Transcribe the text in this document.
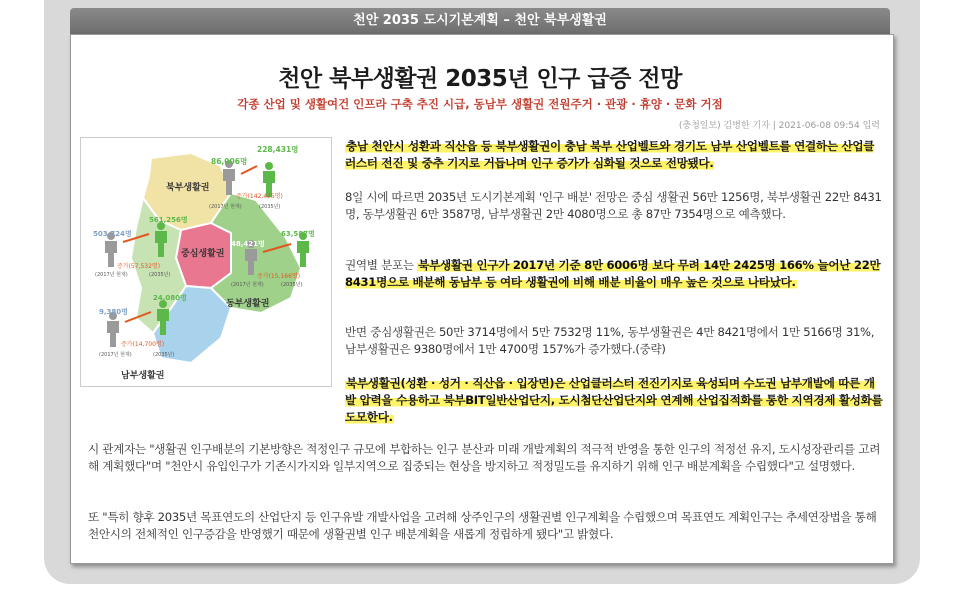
천안 2035 도시기본계획 – 천안 북부생활권
천안 북부생활권 2035년 인구 급증 전망
각종 산업 및 생활여건 인프라 구축 추진 시급, 동남부 생활권 전원주거 · 관광 · 휴양 · 문화 거점
(충청일보) 김병한 기자 | 2021-06-08 09:54 입력
북부생활권
중심생활권
동부생활권
남부생활권
86,006명
228,431명
증가(142,425명)
(2017년 현재)	(2035년)
503,724명
561,256명
증가(57,532명)
(2017년 현재)	(2035년)
48,421명
63,587명
증가(15,166명)
(2017년 현재)	(2035년)
9,380명
24,080명
증가(14,700명)
(2017년 현재)	(2035년)

충남 천안시 성환과 직산읍 등 북부생활권이 충남 북부 산업벨트와 경기도 남부 산업벨트를 연결하는 산업클러스터 전진 및 중추 기지로 거듭나며 인구 증가가 심화될 것으로 전망됐다.

8일 시에 따르면 2035년 도시기본계획 '인구 배분' 전망은 중심 생활권 56만 1256명, 북부생활권 22만 8431명, 동부생활권 6만 3587명, 남부생활권 2만 4080명으로 총 87만 7354명으로 예측했다.

권역별 분포는 북부생활권 인구가 2017년 기준 8만 6006명 보다 무려 14만 2425명 166% 늘어난 22만 8431명으로 배분해 동남부 등 여타 생활권에 비해 배분 비율이 매우 높은 것으로 나타났다.

반면 중심생활권은 50만 3714명에서 5만 7532명 11%, 동부생활권은 4만 8421명에서 1만 5166명 31%, 남부생활권은 9380명에서 1만 4700명 157%가 증가했다.(중략)

북부생활권(성환 · 성거 · 직산읍 · 입장면)은 산업클러스터 전진기지로 육성되며 수도권 남부개발에 따른 개발 압력을 수용하고 북부BIT일반산업단지, 도시첨단산업단지와 연계해 산업집적화를 통한 지역경제 활성화를 도모한다.

시 관계자는 "생활권 인구배분의 기본방향은 적정인구 규모에 부합하는 인구 분산과 미래 개발계획의 적극적 반영을 통한 인구의 적정선 유지, 도시성장관리를 고려해 계획했다"며 "천안시 유입인구가 기존시가지와 일부지역으로 집중되는 현상을 방지하고 적정밀도를 유지하기 위해 인구 배분계획을 수립했다"고 설명했다.

또 "특히 향후 2035년 목표연도의 산업단지 등 인구유발 개발사업을 고려해 상주인구의 생활권별 인구계획을 수립했으며 목표연도 계획인구는 추세연장법을 통해 천안시의 전체적인 인구증감을 반영했기 때문에 생활권별 인구 배분계획을 새롭게 정립하게 됐다"고 밝혔다.
